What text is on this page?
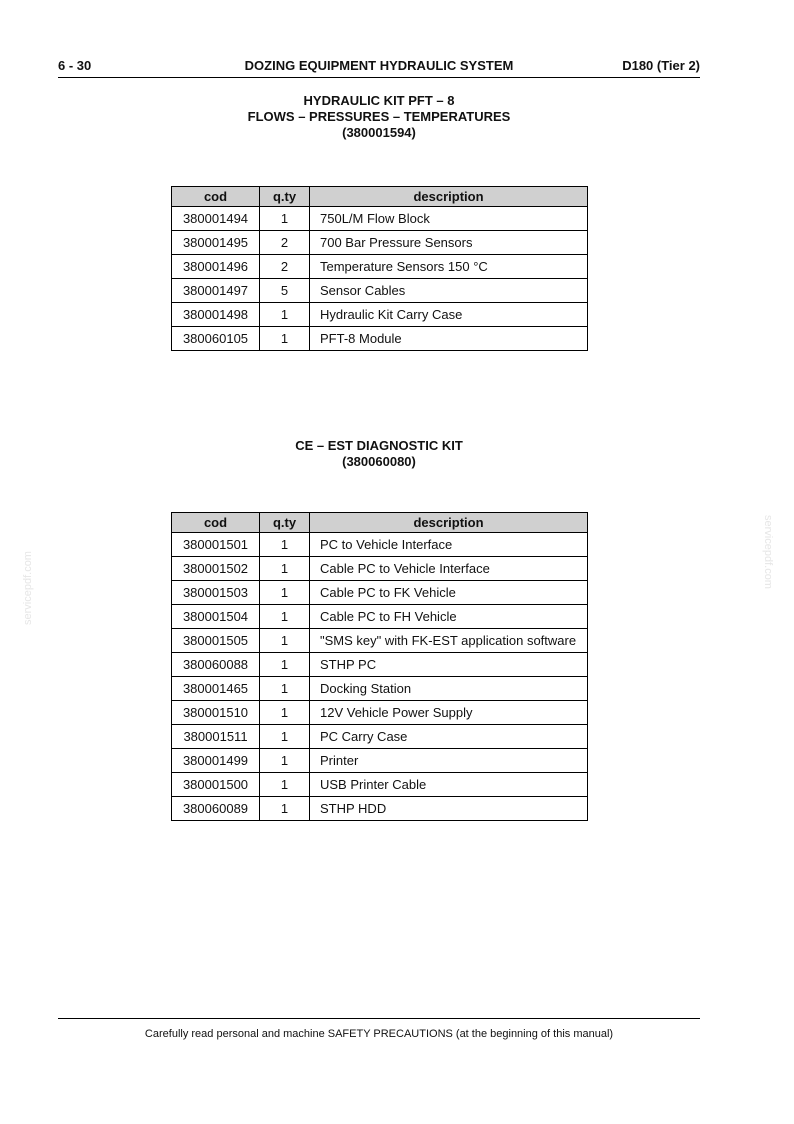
6 - 30	DOZING EQUIPMENT HYDRAULIC SYSTEM	D180 (Tier 2)
HYDRAULIC KIT PFT – 8
FLOWS – PRESSURES – TEMPERATURES
(380001594)
cod	q.ty	description
380001494	1	750L/M Flow Block
380001495	2	700 Bar Pressure Sensors
380001496	2	Temperature Sensors 150 °C
380001497	5	Sensor Cables
380001498	1	Hydraulic Kit Carry Case
380060105	1	PFT-8 Module
CE – EST DIAGNOSTIC KIT
(380060080)
cod	q.ty	description
380001501	1	PC to Vehicle Interface
380001502	1	Cable PC to Vehicle Interface
380001503	1	Cable PC to FK Vehicle
380001504	1	Cable PC to FH Vehicle
380001505	1	"SMS key" with FK-EST application software
380060088	1	STHP PC
380001465	1	Docking Station
380001510	1	12V Vehicle Power Supply
380001511	1	PC Carry Case
380001499	1	Printer
380001500	1	USB Printer Cable
380060089	1	STHP HDD
Carefully read personal and machine SAFETY PRECAUTIONS (at the beginning of this manual)
servicepdf.com	servicepdf.com
